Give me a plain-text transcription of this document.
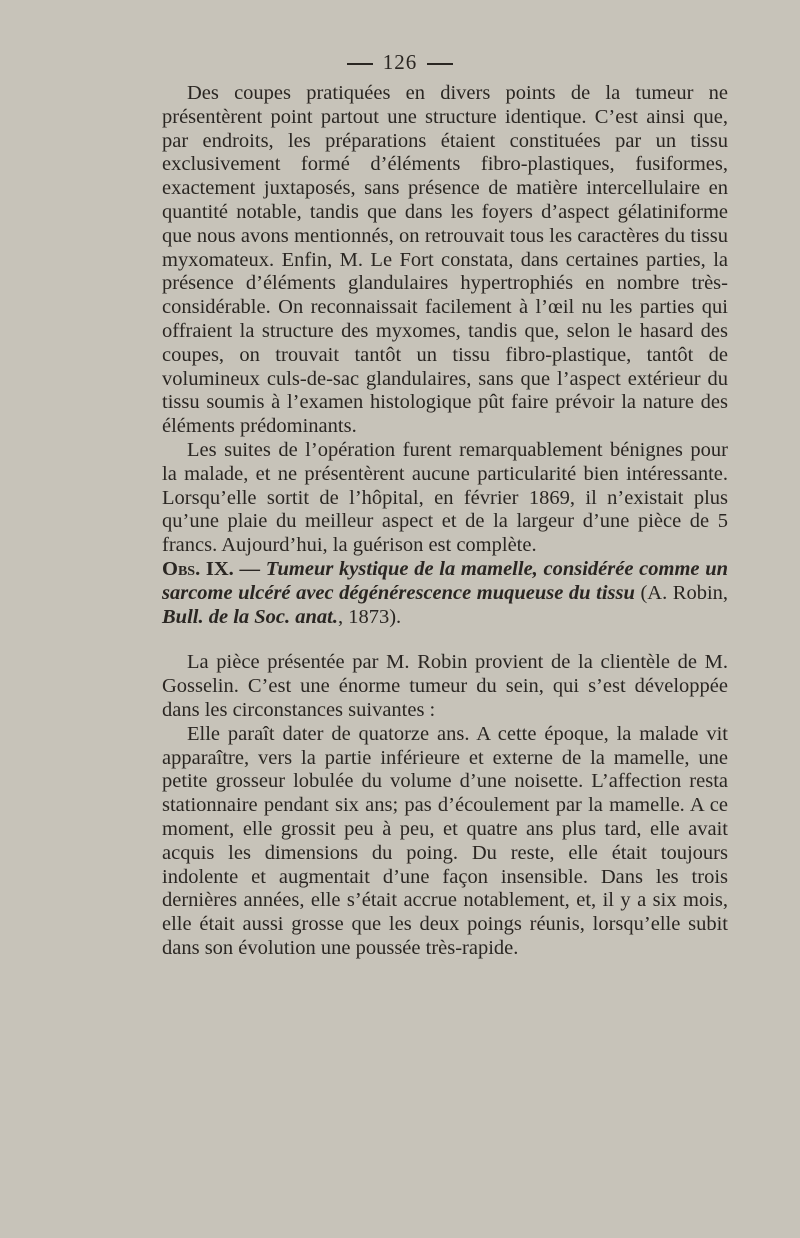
126

Des coupes pratiquées en divers points de la tumeur ne présentèrent point partout une structure identique. C’est ainsi que, par endroits, les préparations étaient constituées par un tissu exclusivement formé d’éléments fibro-plastiques, fusiformes, exactement juxtaposés, sans présence de matière intercellulaire en quantité notable, tandis que dans les foyers d’aspect gélatiniforme que nous avons mentionnés, on retrouvait tous les caractères du tissu myxomateux. Enfin, M. Le Fort constata, dans certaines parties, la présence d’éléments glandulaires hypertrophiés en nombre très-considérable. On reconnaissait facilement à l’œil nu les parties qui offraient la structure des myxomes, tandis que, selon le hasard des coupes, on trouvait tantôt un tissu fibro-plastique, tantôt de volumineux culs-de-sac glandulaires, sans que l’aspect extérieur du tissu soumis à l’examen histologique pût faire prévoir la nature des éléments prédominants.

Les suites de l’opération furent remarquablement bénignes pour la malade, et ne présentèrent aucune particularité bien intéressante. Lorsqu’elle sortit de l’hôpital, en février 1869, il n’existait plus qu’une plaie du meilleur aspect et de la largeur d’une pièce de 5 francs. Aujourd’hui, la guérison est complète.

Obs. IX. — Tumeur kystique de la mamelle, considérée comme un sarcome ulcéré avec dégénérescence muqueuse du tissu (A. Robin, Bull. de la Soc. anat., 1873).

La pièce présentée par M. Robin provient de la clientèle de M. Gosselin. C’est une énorme tumeur du sein, qui s’est développée dans les circonstances suivantes :

Elle paraît dater de quatorze ans. A cette époque, la malade vit apparaître, vers la partie inférieure et externe de la mamelle, une petite grosseur lobulée du volume d’une noisette. L’affection resta stationnaire pendant six ans; pas d’écoulement par la mamelle. A ce moment, elle grossit peu à peu, et quatre ans plus tard, elle avait acquis les dimensions du poing. Du reste, elle était toujours indolente et augmentait d’une façon insensible. Dans les trois dernières années, elle s’était accrue notablement, et, il y a six mois, elle était aussi grosse que les deux poings réunis, lorsqu’elle subit dans son évolution une poussée très-rapide.
